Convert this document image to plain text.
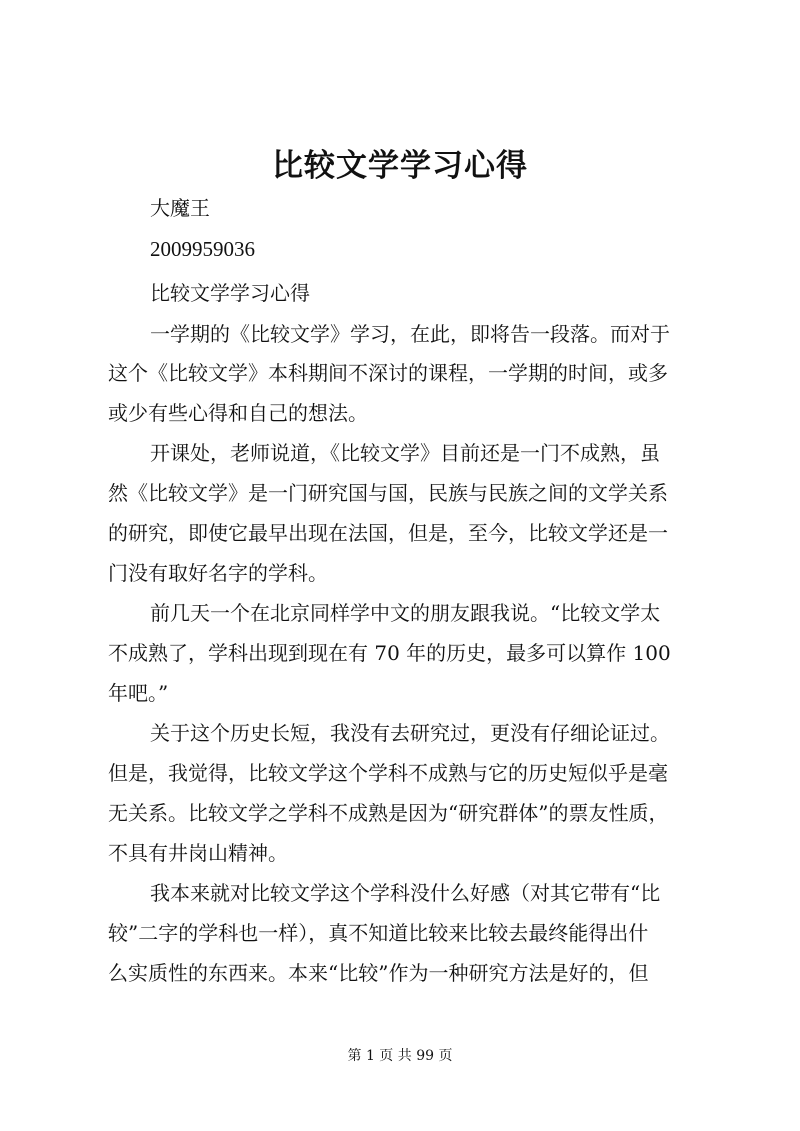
比较文学学习心得
大魔王
2009959036
比较文学学习心得
一学期的《比较文学》学习，在此，即将告一段落。而对于
这个《比较文学》本科期间不深讨的课程，一学期的时间，或多
或少有些心得和自己的想法。
开课处，老师说道，《比较文学》目前还是一门不成熟，虽
然《比较文学》是一门研究国与国，民族与民族之间的文学关系
的研究，即使它最早出现在法国，但是，至今，比较文学还是一
门没有取好名字的学科。
前几天一个在北京同样学中文的朋友跟我说。“比较文学太
不成熟了，学科出现到现在有 70 年的历史，最多可以算作 100
年吧。”
关于这个历史长短，我没有去研究过，更没有仔细论证过。
但是，我觉得，比较文学这个学科不成熟与它的历史短似乎是毫
无关系。比较文学之学科不成熟是因为“研究群体”的票友性质，
不具有井岗山精神。
我本来就对比较文学这个学科没什么好感（对其它带有“比
较”二字的学科也一样），真不知道比较来比较去最终能得出什
么实质性的东西来。本来“比较”作为一种研究方法是好的，但
第 1 页 共 99 页
